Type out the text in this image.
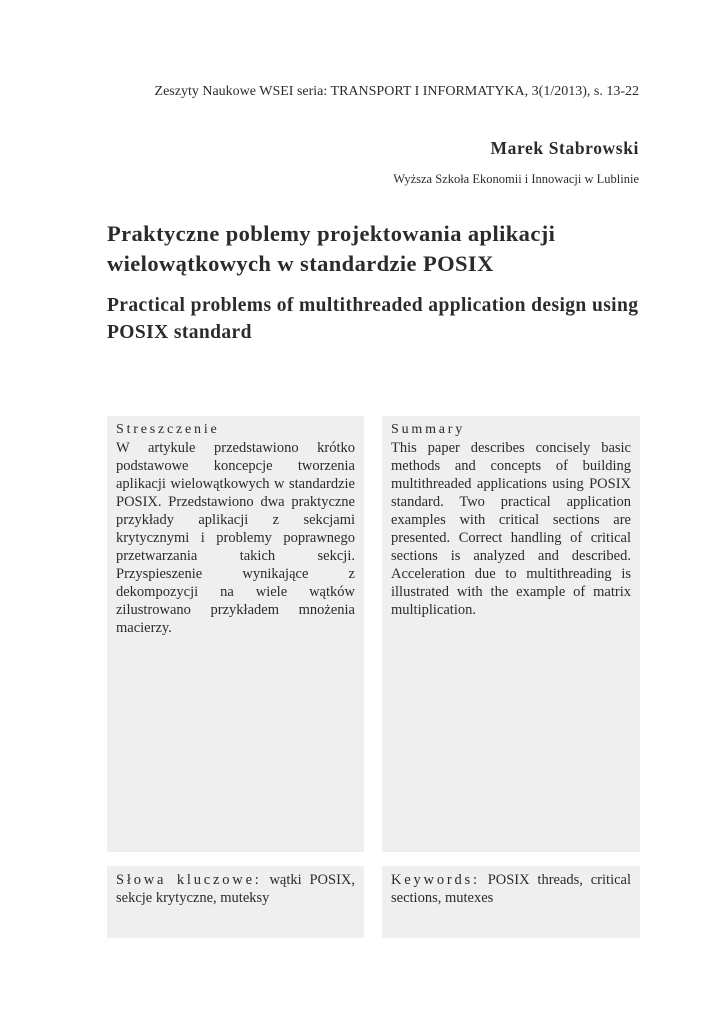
Zeszyty Naukowe WSEI seria: TRANSPORT I INFORMATYKA, 3(1/2013), s. 13-22
Marek Stabrowski
Wyższa Szkoła Ekonomii i Innowacji w Lublinie
Praktyczne poblemy projektowania aplikacji wielowątkowych w standardzie POSIX
Practical problems of multithreaded application design using POSIX standard
Streszczenie
W artykule przedstawiono krótko podstawowe koncepcje tworzenia aplikacji wielowątkowych w standardzie POSIX. Przedstawiono dwa praktyczne przykłady aplikacji z sekcjami krytycznymi i problemy poprawnego przetwarzania takich sekcji. Przyspieszenie wynikające z dekompozycji na wiele wątków zilustrowano przykładem mnożenia macierzy.
Summary
This paper describes concisely basic methods and concepts of building multithreaded applications using POSIX standard. Two practical application examples with critical sections are presented. Correct handling of critical sections is analyzed and described. Acceleration due to multithreading is illustrated with the example of matrix multiplication.

Słowa kluczowe: wątki POSIX, sekcje krytyczne, muteksy

Keywords: POSIX threads, critical sections, mutexes
